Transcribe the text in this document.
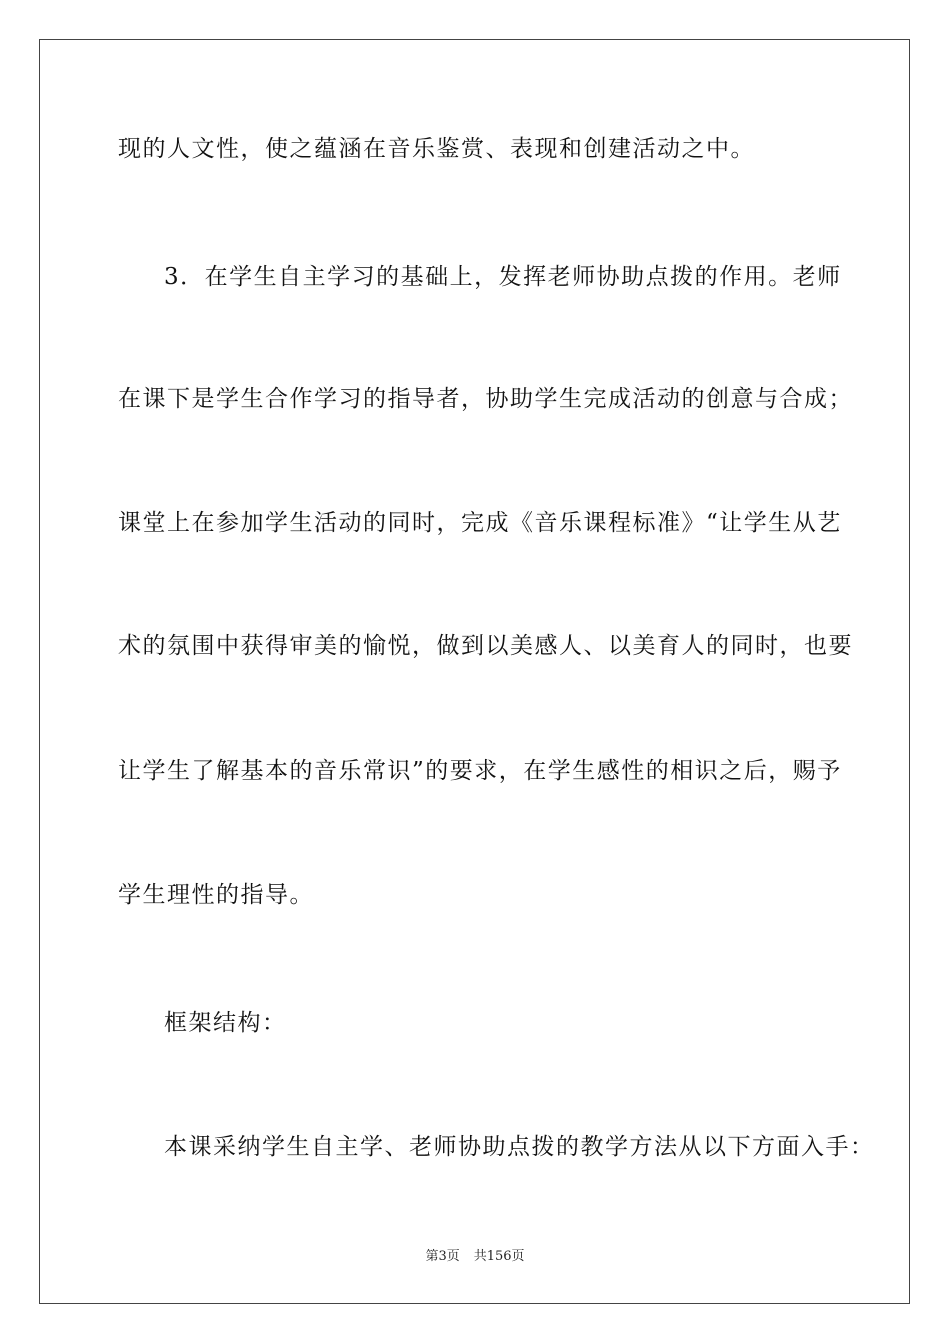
现的人文性，使之蕴涵在音乐鉴赏、表现和创建活动之中。
3．在学生自主学习的基础上，发挥老师协助点拨的作用。老师
在课下是学生合作学习的指导者，协助学生完成活动的创意与合成；
课堂上在参加学生活动的同时，完成《音乐课程标准》“让学生从艺
术的氛围中获得审美的愉悦，做到以美感人、以美育人的同时，也要
让学生了解基本的音乐常识”的要求，在学生感性的相识之后，赐予
学生理性的指导。
框架结构：
本课采纳学生自主学、老师协助点拨的教学方法从以下方面入手：
第3页 共156页
